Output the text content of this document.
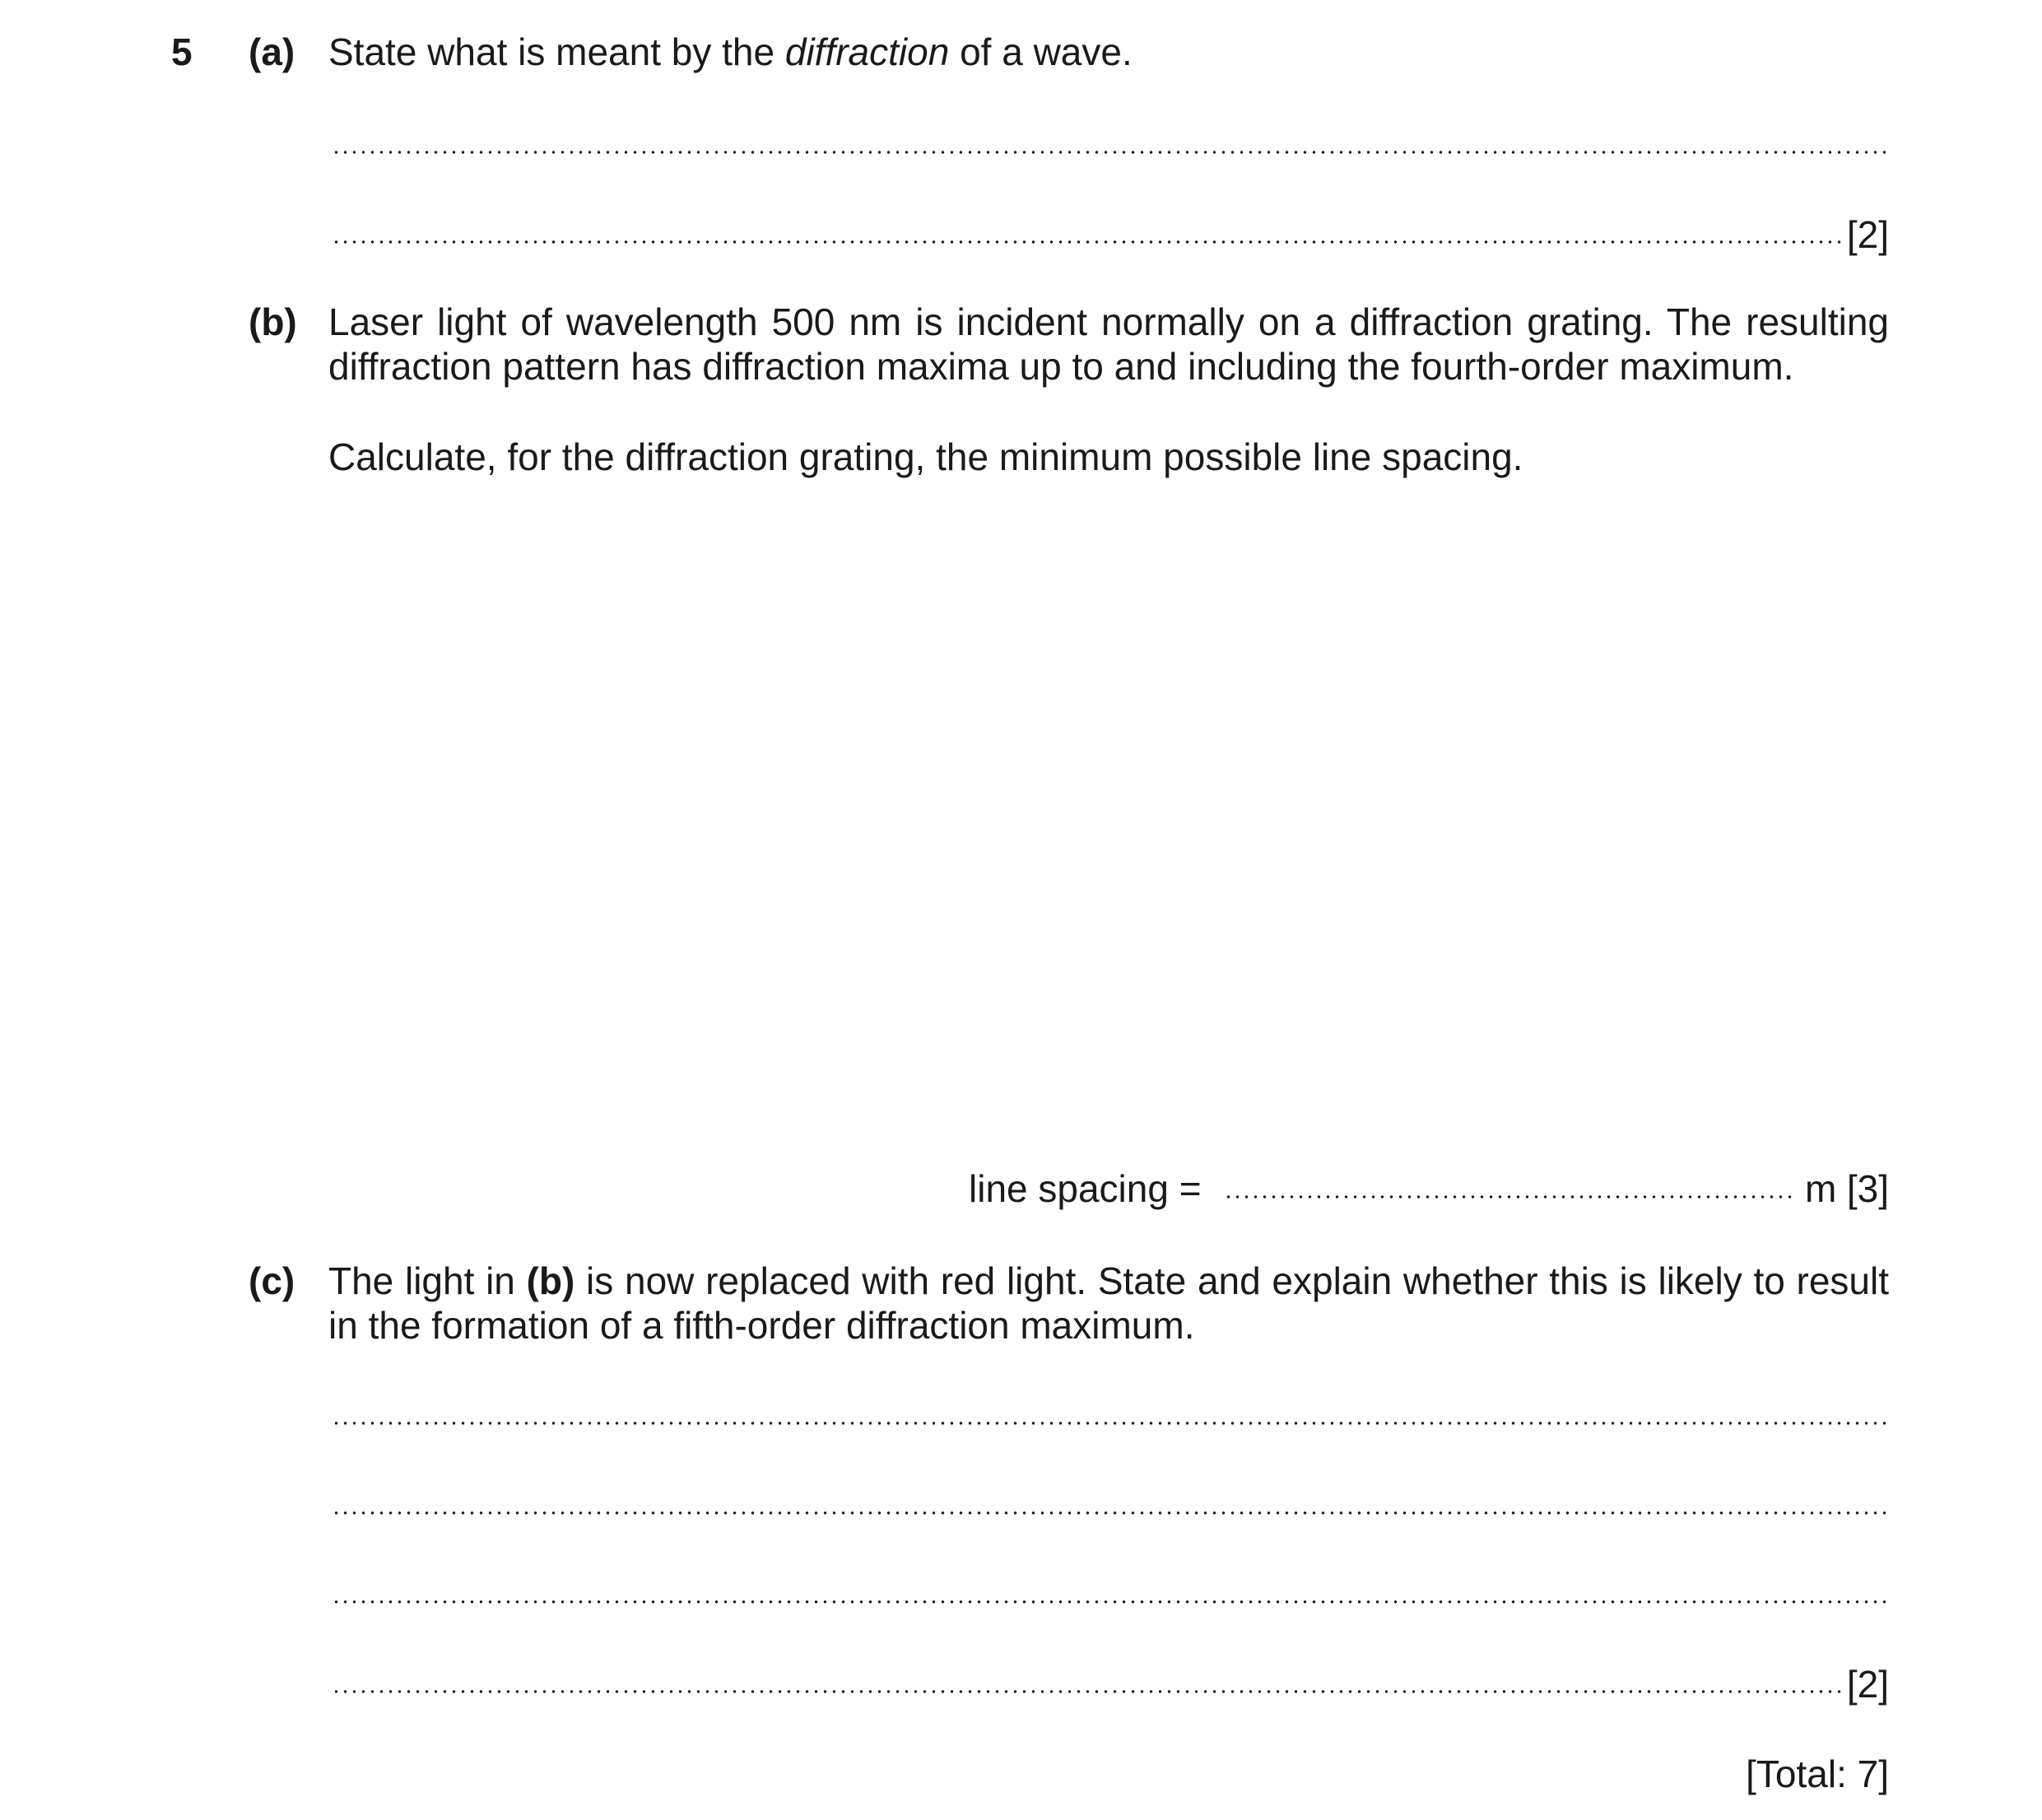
5 (a) State what is meant by the diffraction of a wave.
[2]
(b) Laser light of wavelength 500 nm is incident normally on a diffraction grating. The resulting
diffraction pattern has diffraction maxima up to and including the fourth-order maximum.
Calculate, for the diffraction grating, the minimum possible line spacing.
line spacing =	m [3]
(c) The light in (b) is now replaced with red light. State and explain whether this is likely to result
in the formation of a fifth-order diffraction maximum.
[2]
[Total: 7]
